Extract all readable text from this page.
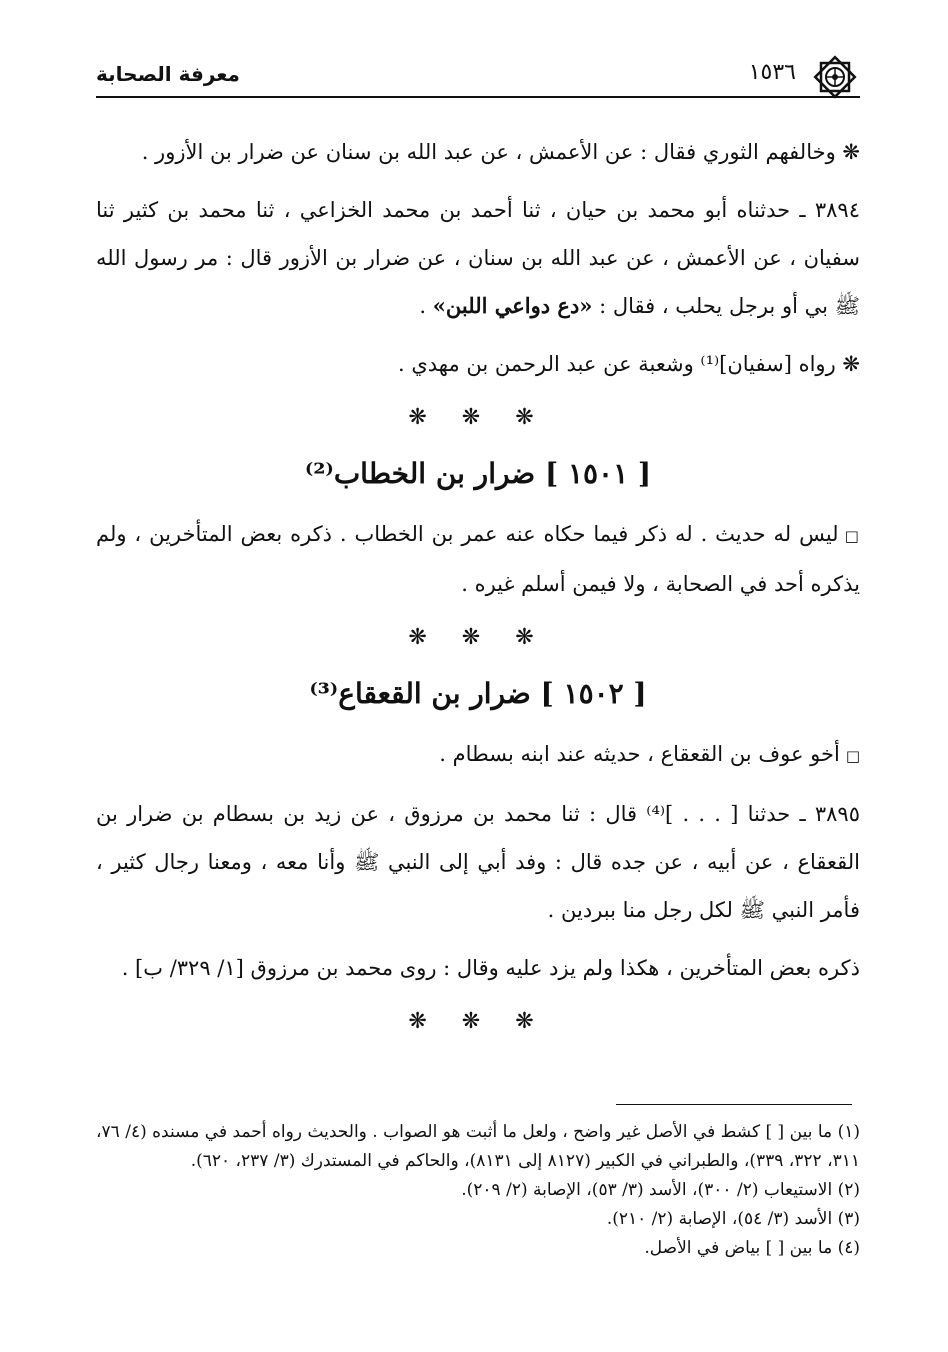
معرفة الصحابة	١٥٣٦

❋ وخالفهم الثوري فقال : عن الأعمش ، عن عبد الله بن سنان عن ضرار بن الأزور .

٣٨٩٤ ـ حدثناه أبو محمد بن حيان ، ثنا أحمد بن محمد الخزاعي ، ثنا محمد بن كثير ثنا سفيان ، عن الأعمش ، عن عبد الله بن سنان ، عن ضرار بن الأزور قال : مر رسول الله ﷺ بي أو برجل يحلب ، فقال : «دع دواعي اللبن» .

❋ رواه [سفيان]⁽¹⁾ وشعبة عن عبد الرحمن بن مهدي .

❋ ❋ ❋
[ ١٥٠١ ] ضرار بن الخطاب⁽²⁾

□ليس له حديث . له ذكر فيما حكاه عنه عمر بن الخطاب . ذكره بعض المتأخرين ، ولم يذكره أحد في الصحابة ، ولا فيمن أسلم غيره .

❋ ❋ ❋
[ ١٥٠٢ ] ضرار بن القعقاع⁽³⁾

□أخو عوف بن القعقاع ، حديثه عند ابنه بسطام .

٣٨٩٥ ـ حدثنا [ . . . ]⁽⁴⁾ قال : ثنا محمد بن مرزوق ، عن زيد بن بسطام بن ضرار بن القعقاع ، عن أبيه ، عن جده قال : وفد أبي إلى النبي ﷺ وأنا معه ، ومعنا رجال كثير ، فأمر النبي ﷺ لكل رجل منا ببردين .

ذكره بعض المتأخرين ، هكذا ولم يزد عليه وقال : روى محمد بن مرزوق [١/ ٣٢٩/ ب] .

❋ ❋ ❋

(١) ما بين [ ] كشط في الأصل غير واضح ، ولعل ما أثبت هو الصواب . والحديث رواه أحمد في مسنده (٤/ ٧٦، ٣١١، ٣٢٢، ٣٣٩)، والطبراني في الكبير (٨١٢٧ إلى ٨١٣١)، والحاكم في المستدرك (٣/ ٢٣٧، ٦٢٠).

(٢) الاستيعاب (٢/ ٣٠٠)، الأسد (٣/ ٥٣)، الإصابة (٢/ ٢٠٩).

(٣) الأسد (٣/ ٥٤)، الإصابة (٢/ ٢١٠).

(٤) ما بين [ ] بياض في الأصل.
